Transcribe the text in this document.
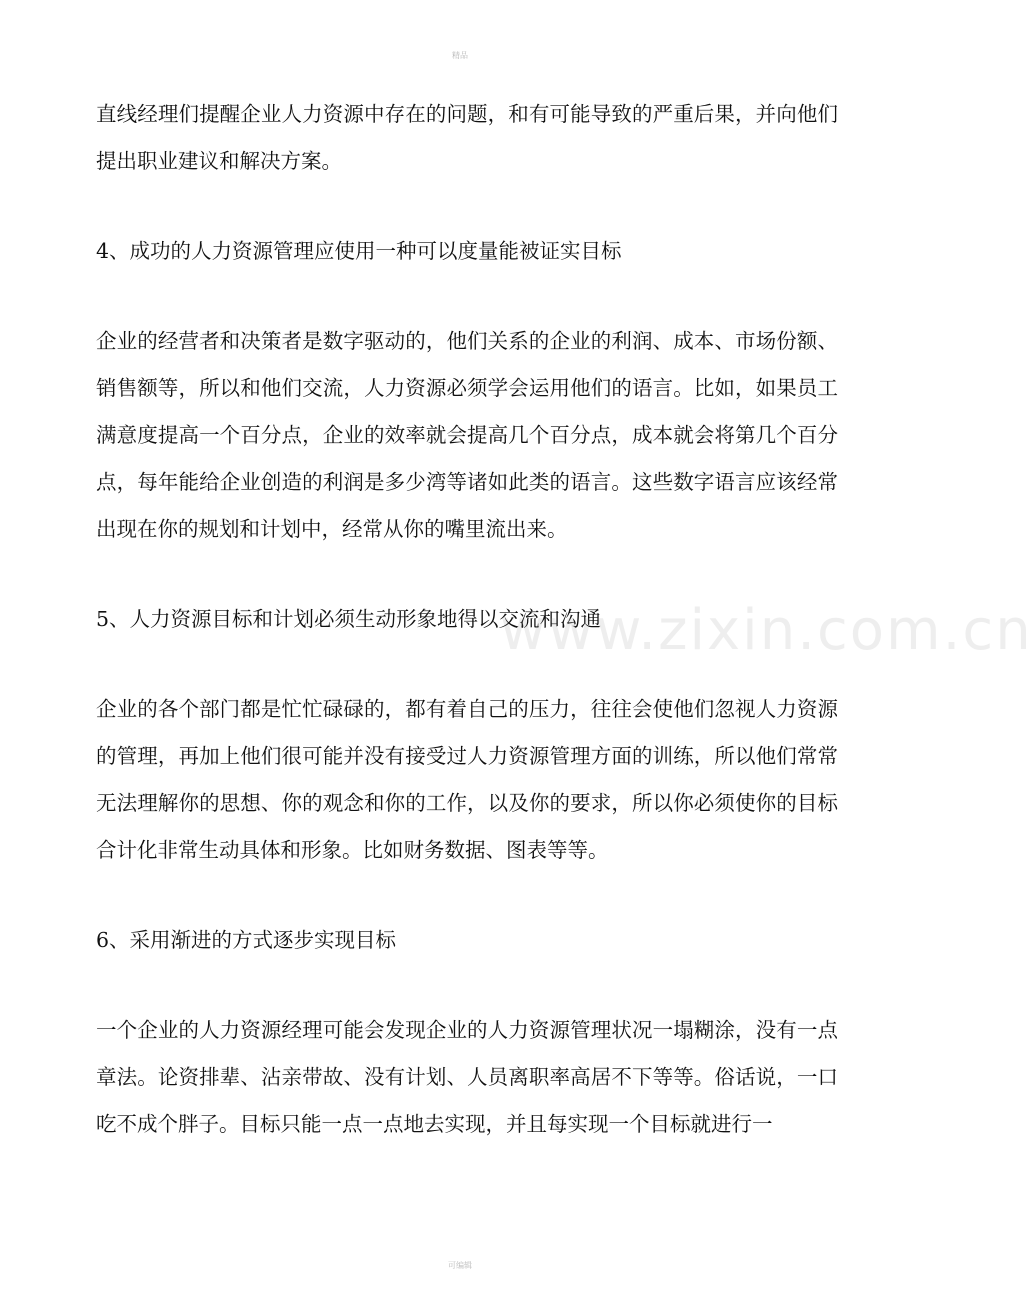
精品

直线经理们提醒企业人力资源中存在的问题，和有可能导致的严重后果，并向他们提出职业建议和解决方案。

4、成功的人力资源管理应使用一种可以度量能被证实目标

企业的经营者和决策者是数字驱动的，他们关系的企业的利润、成本、市场份额、销售额等，所以和他们交流，人力资源必须学会运用他们的语言。比如，如果员工满意度提高一个百分点，企业的效率就会提高几个百分点，成本就会将第几个百分点，每年能给企业创造的利润是多少湾等诸如此类的语言。这些数字语言应该经常出现在你的规划和计划中，经常从你的嘴里流出来。

5、人力资源目标和计划必须生动形象地得以交流和沟通

企业的各个部门都是忙忙碌碌的，都有着自己的压力，往往会使他们忽视人力资源的管理，再加上他们很可能并没有接受过人力资源管理方面的训练，所以他们常常无法理解你的思想、你的观念和你的工作，以及你的要求，所以你必须使你的目标合计化非常生动具体和形象。比如财务数据、图表等等。

6、采用渐进的方式逐步实现目标

一个企业的人力资源经理可能会发现企业的人力资源管理状况一塌糊涂，没有一点章法。论资排辈、沾亲带故、没有计划、人员离职率高居不下等等。俗话说，一口吃不成个胖子。目标只能一点一点地去实现，并且每实现一个目标就进行一

www.zixin.com.cn
可编辑
